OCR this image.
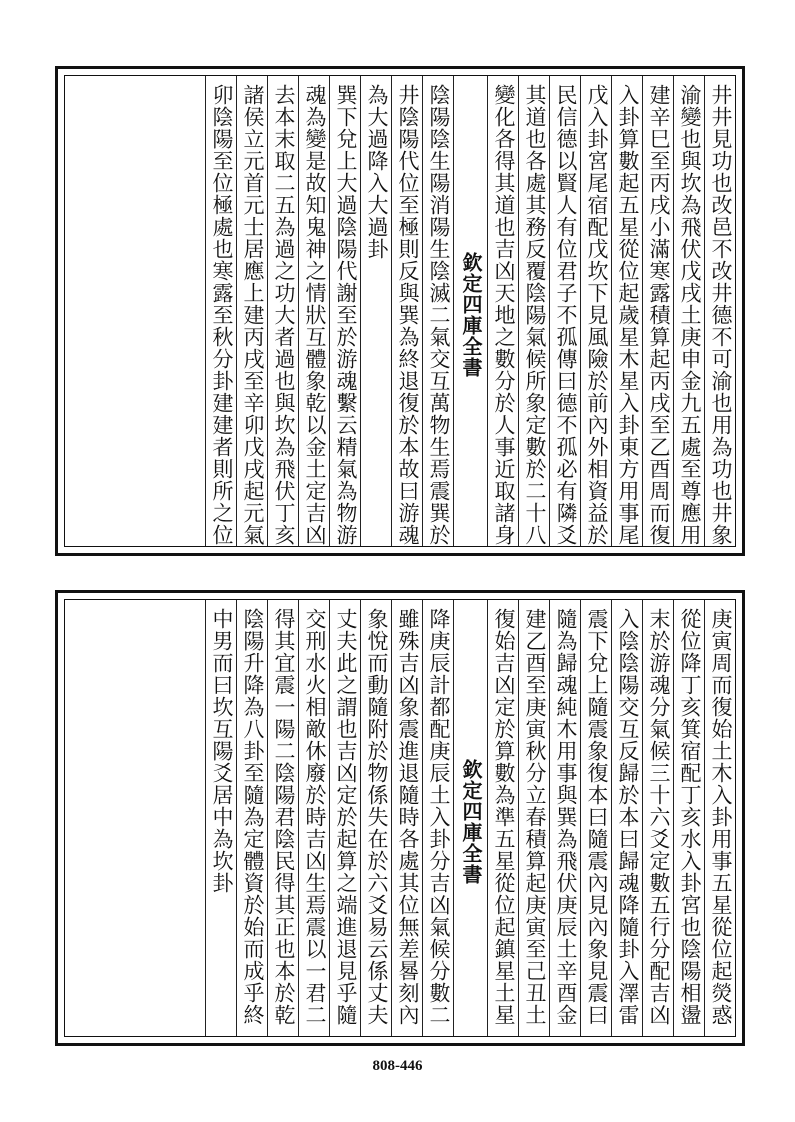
井井見功也改邑不改井德不可渝也用為功也井象
渝變也與坎為飛伏戊戌土庚申金九五處至尊應用
建辛巳至丙戌小滿寒露積算起丙戌至乙酉周而復
入卦算數起五星從位起歲星木星入卦東方用事尾
戊入卦宮尾宿配戊坎下見風險於前內外相資益於
民信德以賢人有位君子不孤傳曰德不孤必有隣爻
其道也各處其務反覆陰陽氣候所象定數於二十八
變化各得其道也吉凶天地之數分於人事近取諸身
欽定四庫全書
陰陽陰生陽消陽生陰滅二氣交互萬物生焉震巽於
井陰陽代位至極則反與巽為終退復於本故曰游魂
為大過降入大過卦
巽下兌上大過陰陽代謝至於游魂繫云精氣為物游
魂為變是故知鬼神之情狀互體象乾以金土定吉凶
去本末取二五為過之功大者過也與坎為飛伏丁亥
諸侯立元首元士居應上建丙戌至辛卯戊戌起元氣
卯陰陽至位極處也寒露至秋分卦建建者則所之位
庚寅周而復始土木入卦用事五星從位起熒惑
從位降丁亥箕宿配丁亥水入卦宮也陰陽相盪
末於游魂分氣候三十六爻定數五行分配吉凶
入陰陰陽交互反歸於本曰歸魂降隨卦入澤雷
震下兌上隨震象復本曰隨震內見內象見震曰
隨為歸魂純木用事與巽為飛伏庚辰土辛酉金
建乙酉至庚寅秋分立春積算起庚寅至己丑土
復始吉凶定於算數為準五星從位起鎮星土星
欽定四庫全書
降庚辰計都配庚辰土入卦分吉凶氣候分數二
雖殊吉凶象震進退隨時各處其位無差晷刻內
象悅而動隨附於物係失在於六爻易云係丈夫
丈夫此之謂也吉凶定於起算之端進退見乎隨
交刑水火相敵休廢於時吉凶生焉震以一君二
得其宜震一陽二陰陽君陰民得其正也本於乾
陰陽升降為八卦至隨為定體資於始而成乎終
中男而曰坎互陽爻居中為坎卦
808-446
